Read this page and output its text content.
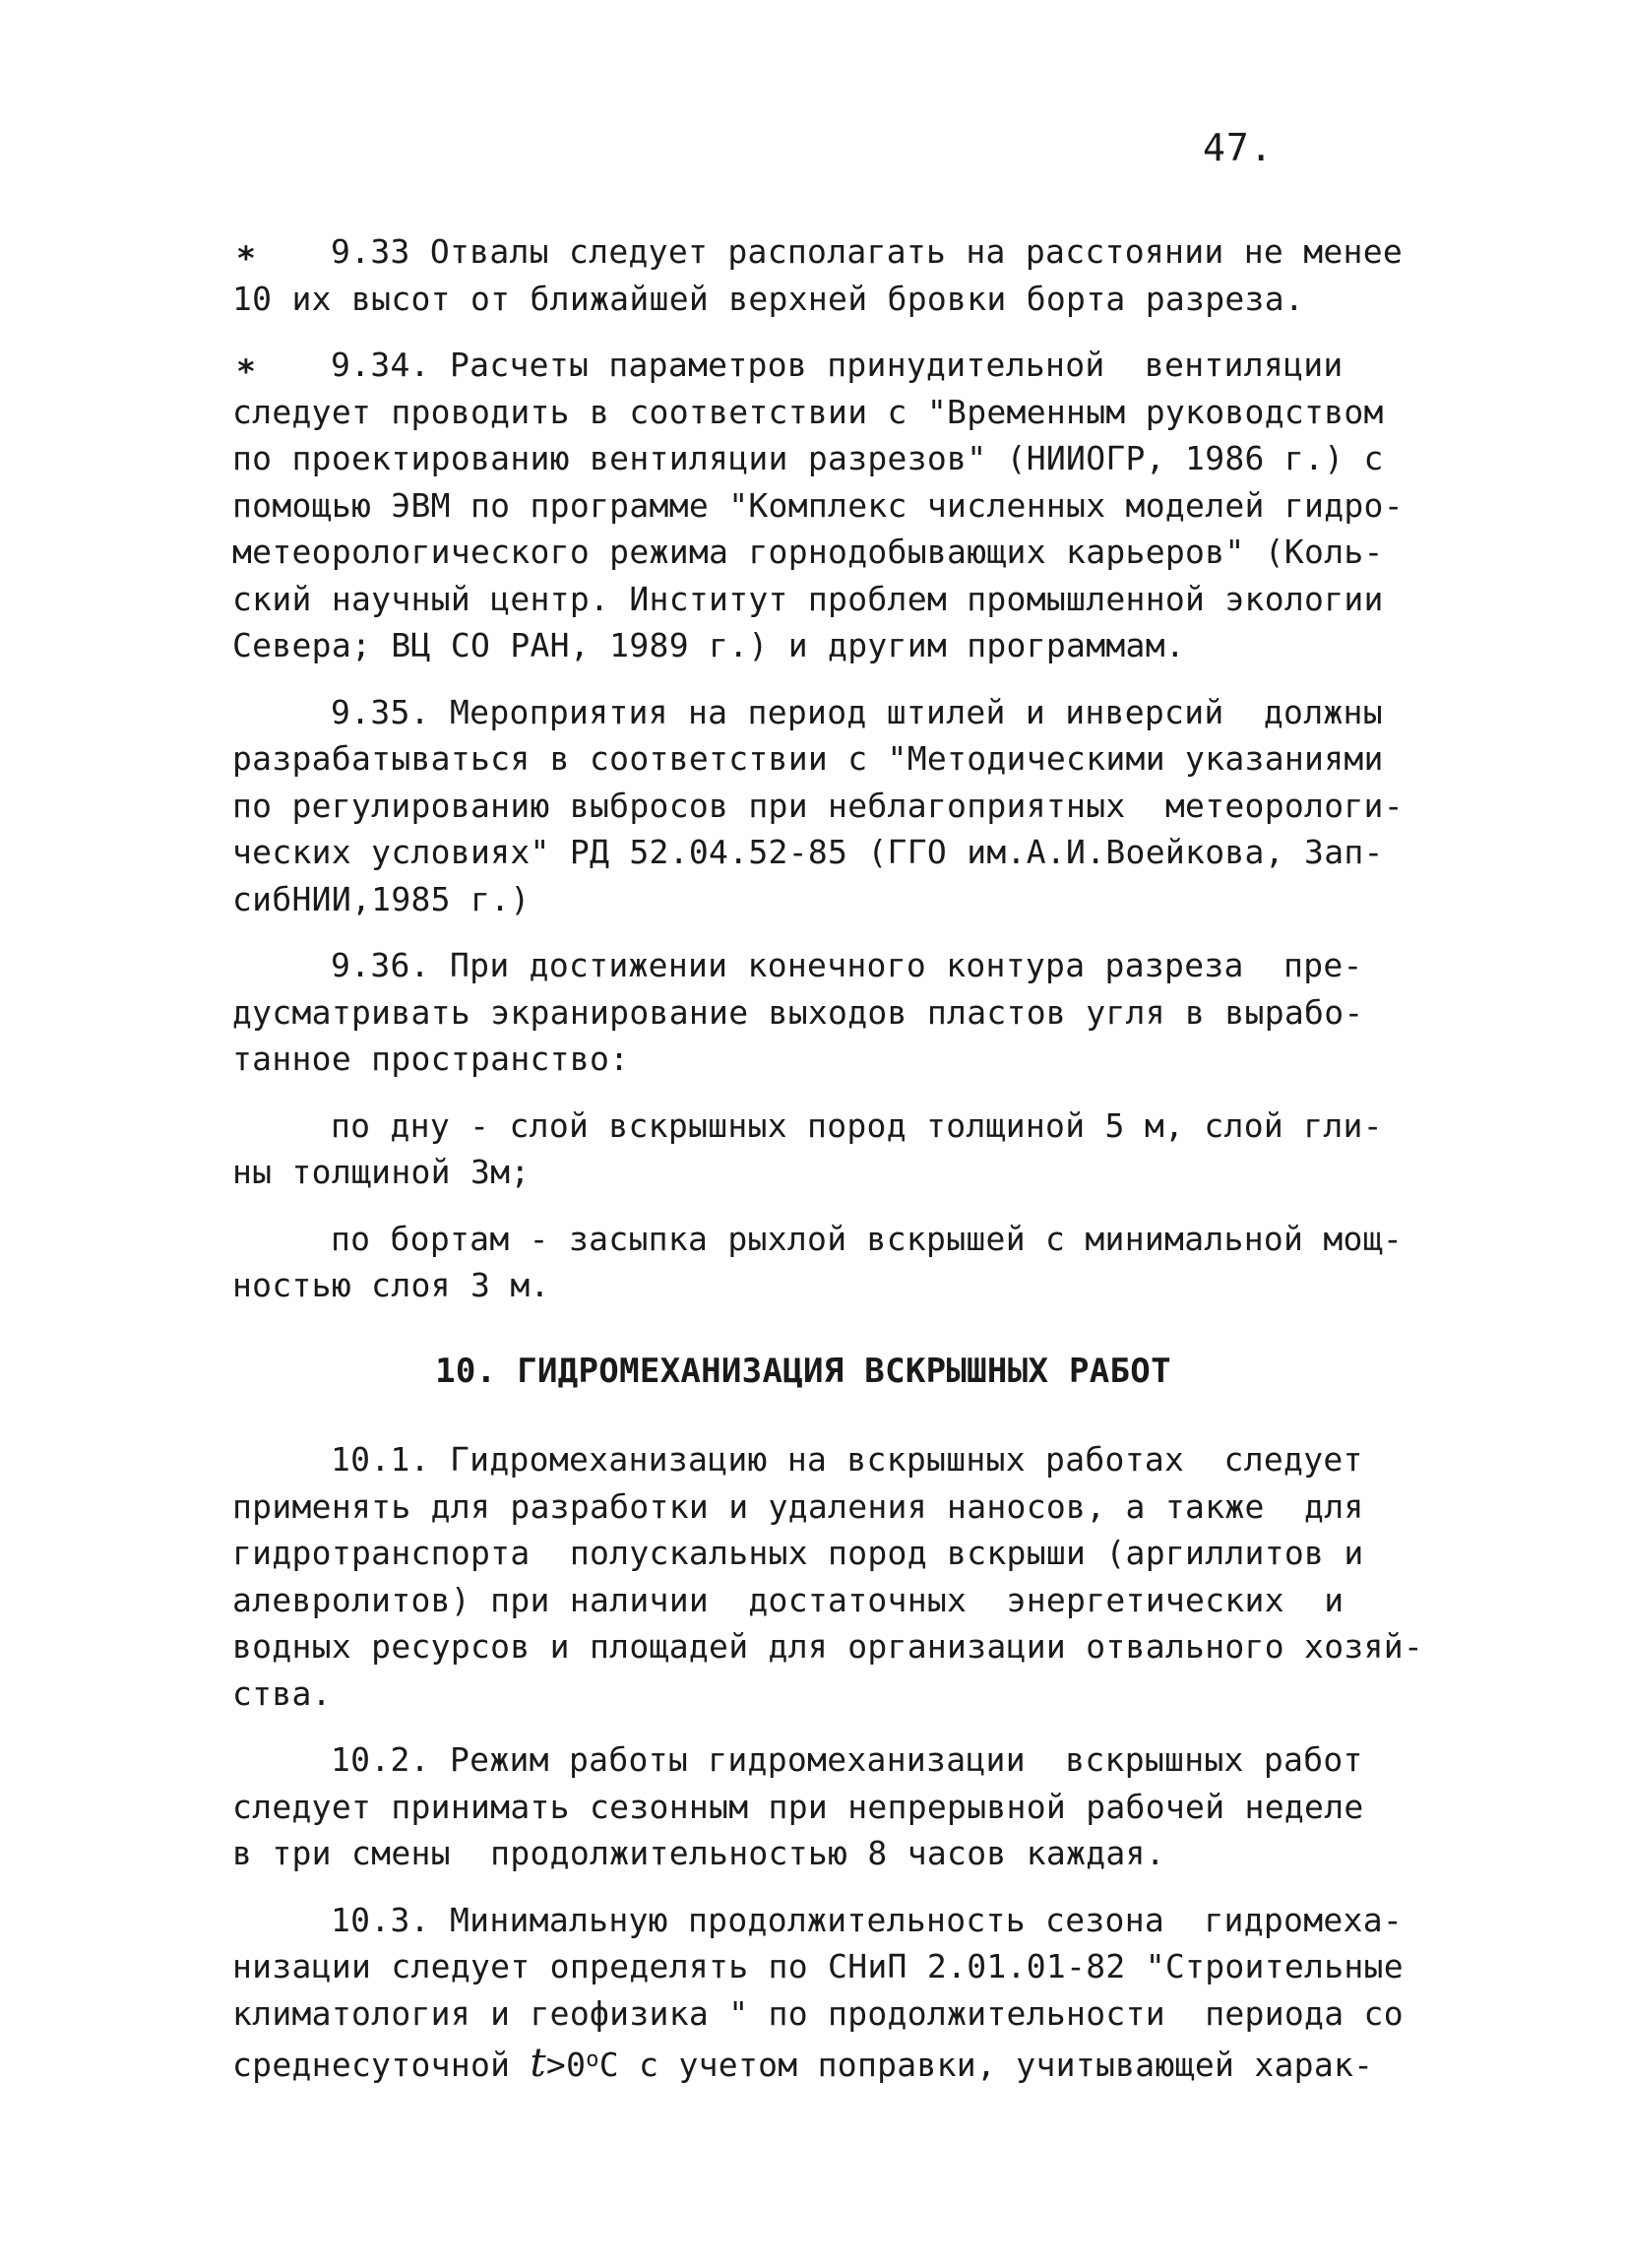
47.
∗ 9.33 Отвалы следует располагать на расстоянии не менее
10 их высот от ближайшей верхней бровки борта разреза.
∗ 9.34. Расчеты параметров принудительной  вентиляции
следует проводить в соответствии с "Временным руководством
по проектированию вентиляции разрезов" (НИИОГР, 1986 г.) с
помощью ЭВМ по программе "Комплекс численных моделей гидро-
метеорологического режима горнодобывающих карьеров" (Коль-
ский научный центр. Институт проблем промышленной экологии
Севера; ВЦ СО РАН, 1989 г.) и другим программам.
9.35. Мероприятия на период штилей и инверсий  должны
разрабатываться в соответствии с "Методическими указаниями
по регулированию выбросов при неблагоприятных  метеорологи-
ческих условиях" РД 52.04.52-85 (ГГО им.А.И.Воейкова, Зап-
сибНИИ,1985 г.)
9.36. При достижении конечного контура разреза  пре-
дусматривать экранирование выходов пластов угля в вырабо-
танное пространство:
по дну - слой вскрышных пород толщиной 5 м, слой гли-
ны толщиной 3м;
по бортам - засыпка рыхлой вскрышей с минимальной мощ-
ностью слоя 3 м.
10. ГИДРОМЕХАНИЗАЦИЯ ВСКРЫШНЫХ РАБОТ
10.1. Гидромеханизацию на вскрышных работах  следует
применять для разработки и удаления наносов, а также  для
гидротранспорта  полускальных пород вскрыши (аргиллитов и
алевролитов) при наличии  достаточных  энергетических  и
водных ресурсов и площадей для организации отвального хозяй-
ства.
10.2. Режим работы гидромеханизации  вскрышных работ
следует принимать сезонным при непрерывной рабочей неделе
в три смены  продолжительностью 8 часов каждая.
10.3. Минимальную продолжительность сезона  гидромеха-
низации следует определять по СНиП 2.01.01-82 "Строительные
климатология и геофизика " по продолжительности  периода со
среднесуточной $t>0^oС$ с учетом поправки, учитывающей харак-
